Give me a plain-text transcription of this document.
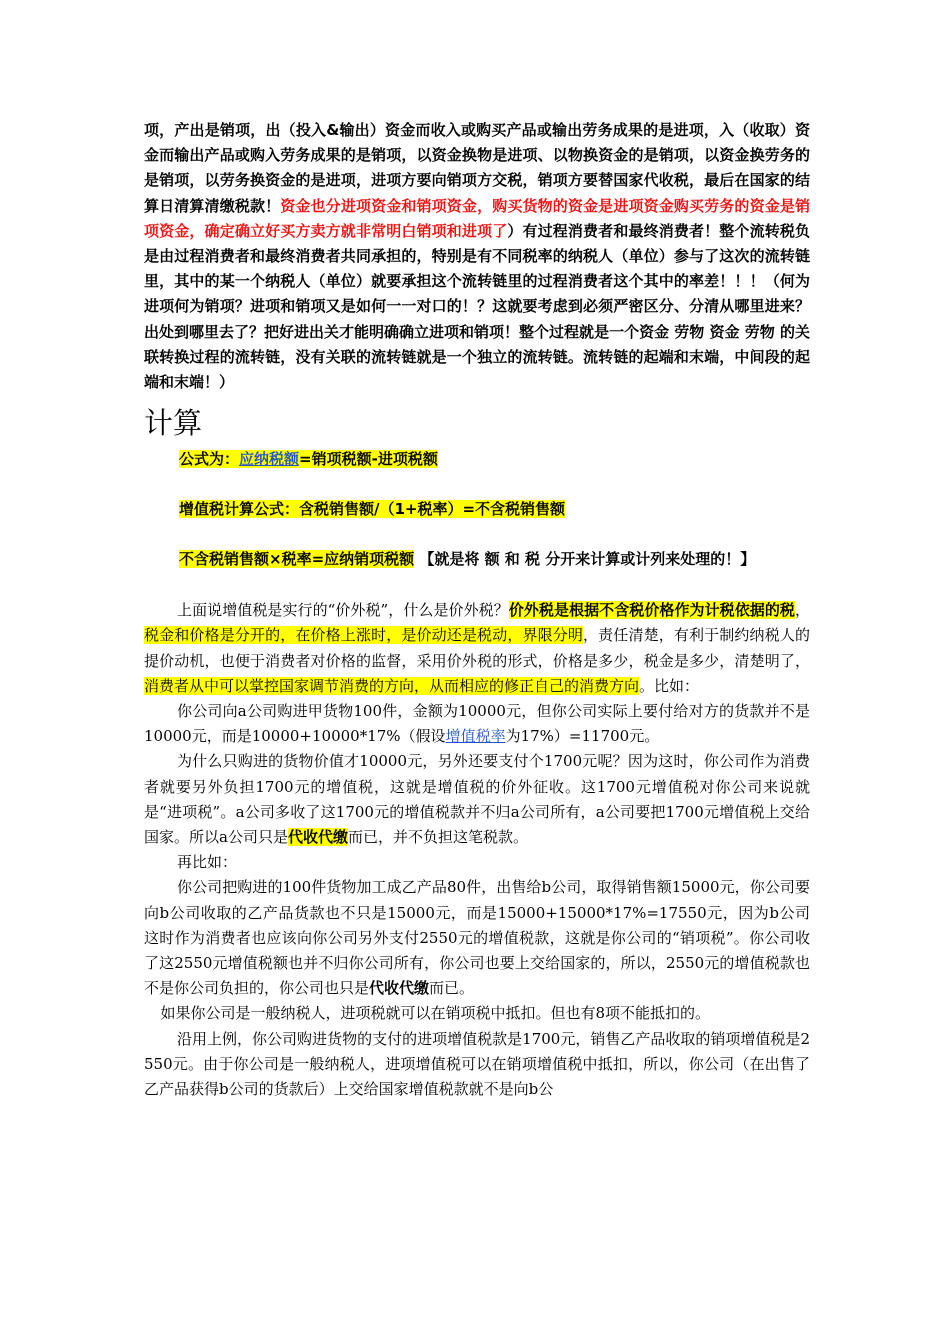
项，产出是销项，出（投入&输出）资金而收入或购买产品或输出劳务成果的是进项，入（收取）资金而输出产品或购入劳务成果的是销项，以资金换物是进项、以物换资金的是销项，以资金换劳务的是销项，以劳务换资金的是进项，进项方要向销项方交税，销项方要替国家代收税，最后在国家的结算日清算清缴税款！资金也分进项资金和销项资金，购买货物的资金是进项资金购买劳务的资金是销项资金，确定确立好买方卖方就非常明白销项和进项了）有过程消费者和最终消费者！整个流转税负是由过程消费者和最终消费者共同承担的，特别是有不同税率的纳税人（单位）参与了这次的流转链里，其中的某一个纳税人（单位）就要承担这个流转链里的过程消费者这个其中的率差！！！（何为进项何为销项？进项和销项又是如何一一对口的！？这就要考虑到必须严密区分、分清从哪里进来？出处到哪里去了？把好进出关才能明确确立进项和销项！整个过程就是一个资金 劳物 资金 劳物 的关联转换过程的流转链，没有关联的流转链就是一个独立的流转链。流转链的起端和末端，中间段的起端和末端！）

计算

公式为：应纳税额=销项税额-进项税额

增值税计算公式：含税销售额/（1+税率）=不含税销售额

不含税销售额×税率=应纳销项税额 【就是将 额 和 税 分开来计算或计列来处理的！】

上面说增值税是实行的“价外税”，什么是价外税？价外税是根据不含税价格作为计税依据的税，税金和价格是分开的，在价格上涨时，是价动还是税动，界限分明，责任清楚，有利于制约纳税人的提价动机，也便于消费者对价格的监督，采用价外税的形式，价格是多少，税金是多少，清楚明了，消费者从中可以掌控国家调节消费的方向，从而相应的修正自己的消费方向。比如：

你公司向a公司购进甲货物100件，金额为10000元，但你公司实际上要付给对方的货款并不是10000元，而是10000+10000*17%（假设增值税率为17%）=11700元。

为什么只购进的货物价值才10000元，另外还要支付个1700元呢？因为这时，你公司作为消费者就要另外负担1700元的增值税，这就是增值税的价外征收。这1700元增值税对你公司来说就是“进项税”。a公司多收了这1700元的增值税款并不归a公司所有，a公司要把1700元增值税上交给国家。所以a公司只是代收代缴而已，并不负担这笔税款。

再比如：

你公司把购进的100件货物加工成乙产品80件，出售给b公司，取得销售额15000元，你公司要向b公司收取的乙产品货款也不只是15000元，而是15000+15000*17%=17550元，因为b公司这时作为消费者也应该向你公司另外支付2550元的增值税款，这就是你公司的“销项税”。你公司收了这2550元增值税额也并不归你公司所有，你公司也要上交给国家的，所以，2550元的增值税款也不是你公司负担的，你公司也只是代收代缴而已。

如果你公司是一般纳税人，进项税就可以在销项税中抵扣。但也有8项不能抵扣的。

沿用上例，你公司购进货物的支付的进项增值税款是1700元，销售乙产品收取的销项增值税是2550元。由于你公司是一般纳税人，进项增值税可以在销项增值税中抵扣，所以，你公司（在出售了乙产品获得b公司的货款后）上交给国家增值税款就不是向b公
